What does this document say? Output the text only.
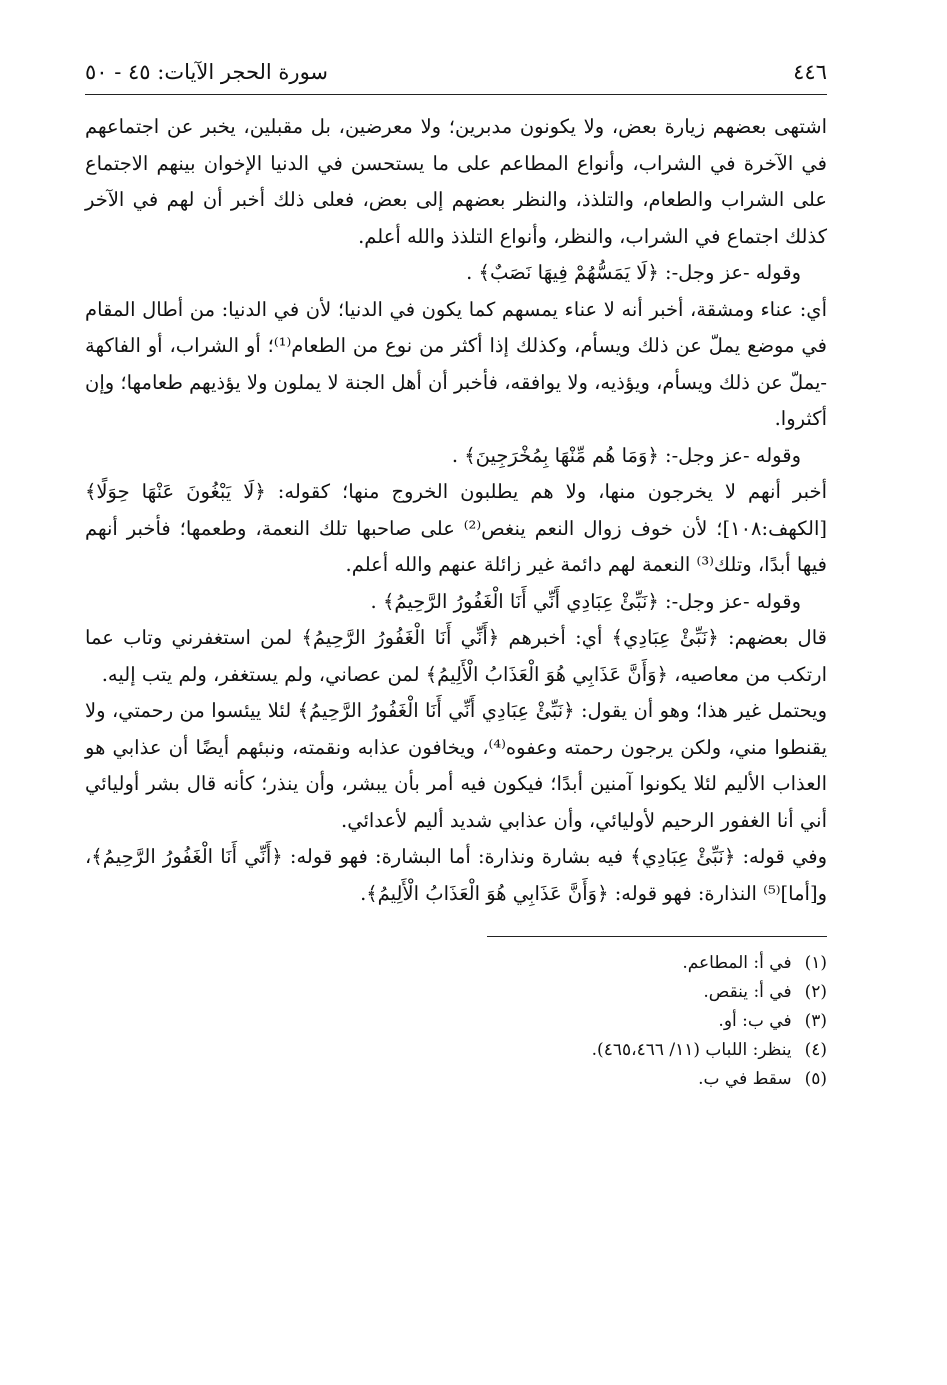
٤٤٦
سورة الحجر الآيات: ٤٥ - ٥٠

اشتهى بعضهم زيارة بعض، ولا يكونون مدبرين؛ ولا معرضين، بل مقبلين، يخبر عن اجتماعهم في الآخرة في الشراب، وأنواع المطاعم على ما يستحسن في الدنيا الإخوان بينهم الاجتماع على الشراب والطعام، والتلذذ، والنظر بعضهم إلى بعض، فعلى ذلك أخبر أن لهم في الآخر كذلك اجتماع في الشراب، والنظر، وأنواع التلذذ والله أعلم.

وقوله -عز وجل-: ﴿لَا يَمَسُّهُمْ فِيهَا نَصَبٌ﴾ .

أي: عناء ومشقة، أخبر أنه لا عناء يمسهم كما يكون في الدنيا؛ لأن في الدنيا: من أطال المقام في موضع يملّ عن ذلك ويسأم، وكذلك إذا أكثر من نوع من الطعام⁽¹⁾؛ أو الشراب، أو الفاكهة -يملّ عن ذلك ويسأم، ويؤذيه، ولا يوافقه، فأخبر أن أهل الجنة لا يملون ولا يؤذيهم طعامها؛ وإن أكثروا.

وقوله -عز وجل-: ﴿وَمَا هُم مِّنْهَا بِمُخْرَجِينَ﴾ .

أخبر أنهم لا يخرجون منها، ولا هم يطلبون الخروج منها؛ كقوله: ﴿لَا يَبْغُونَ عَنْهَا حِوَلًا﴾ [الكهف:١٠٨]؛ لأن خوف زوال النعم ينغص⁽²⁾ على صاحبها تلك النعمة، وطعمها؛ فأخبر أنهم فيها أبدًا، وتلك⁽³⁾ النعمة لهم دائمة غير زائلة عنهم والله أعلم.

وقوله -عز وجل-: ﴿نَبِّئْ عِبَادِي أَنِّي أَنَا الْغَفُورُ الرَّحِيمُ﴾ .

قال بعضهم: ﴿نَبِّئْ عِبَادِي﴾ أي: أخبرهم ﴿أَنِّي أَنَا الْغَفُورُ الرَّحِيمُ﴾ لمن استغفرني وتاب عما ارتكب من معاصيه، ﴿وَأَنَّ عَذَابِي هُوَ الْعَذَابُ الْأَلِيمُ﴾ لمن عصاني، ولم يستغفر، ولم يتب إليه.

ويحتمل غير هذا؛ وهو أن يقول: ﴿نَبِّئْ عِبَادِي أَنِّي أَنَا الْغَفُورُ الرَّحِيمُ﴾ لئلا ييئسوا من رحمتي، ولا يقنطوا مني، ولكن يرجون رحمته وعفوه⁽⁴⁾، ويخافون عذابه ونقمته، ونبئهم أيضًا أن عذابي هو العذاب الأليم لئلا يكونوا آمنين أبدًا؛ فيكون فيه أمر بأن يبشر، وأن ينذر؛ كأنه قال بشر أوليائي أني أنا الغفور الرحيم لأوليائي، وأن عذابي شديد أليم لأعدائي.

وفي قوله: ﴿نَبِّئْ عِبَادِي﴾ فيه بشارة ونذارة: أما البشارة: فهو قوله: ﴿أَنِّي أَنَا الْغَفُورُ الرَّحِيمُ﴾، و[أما]⁽⁵⁾ النذارة: فهو قوله: ﴿وَأَنَّ عَذَابِي هُوَ الْعَذَابُ الْأَلِيمُ﴾.

(١) في أ: المطاعم.
(٢) في أ: ينقص.
(٣) في ب: أو.
(٤) ينظر: اللباب (١١/ ٤٦٥،٤٦٦).
(٥) سقط في ب.
